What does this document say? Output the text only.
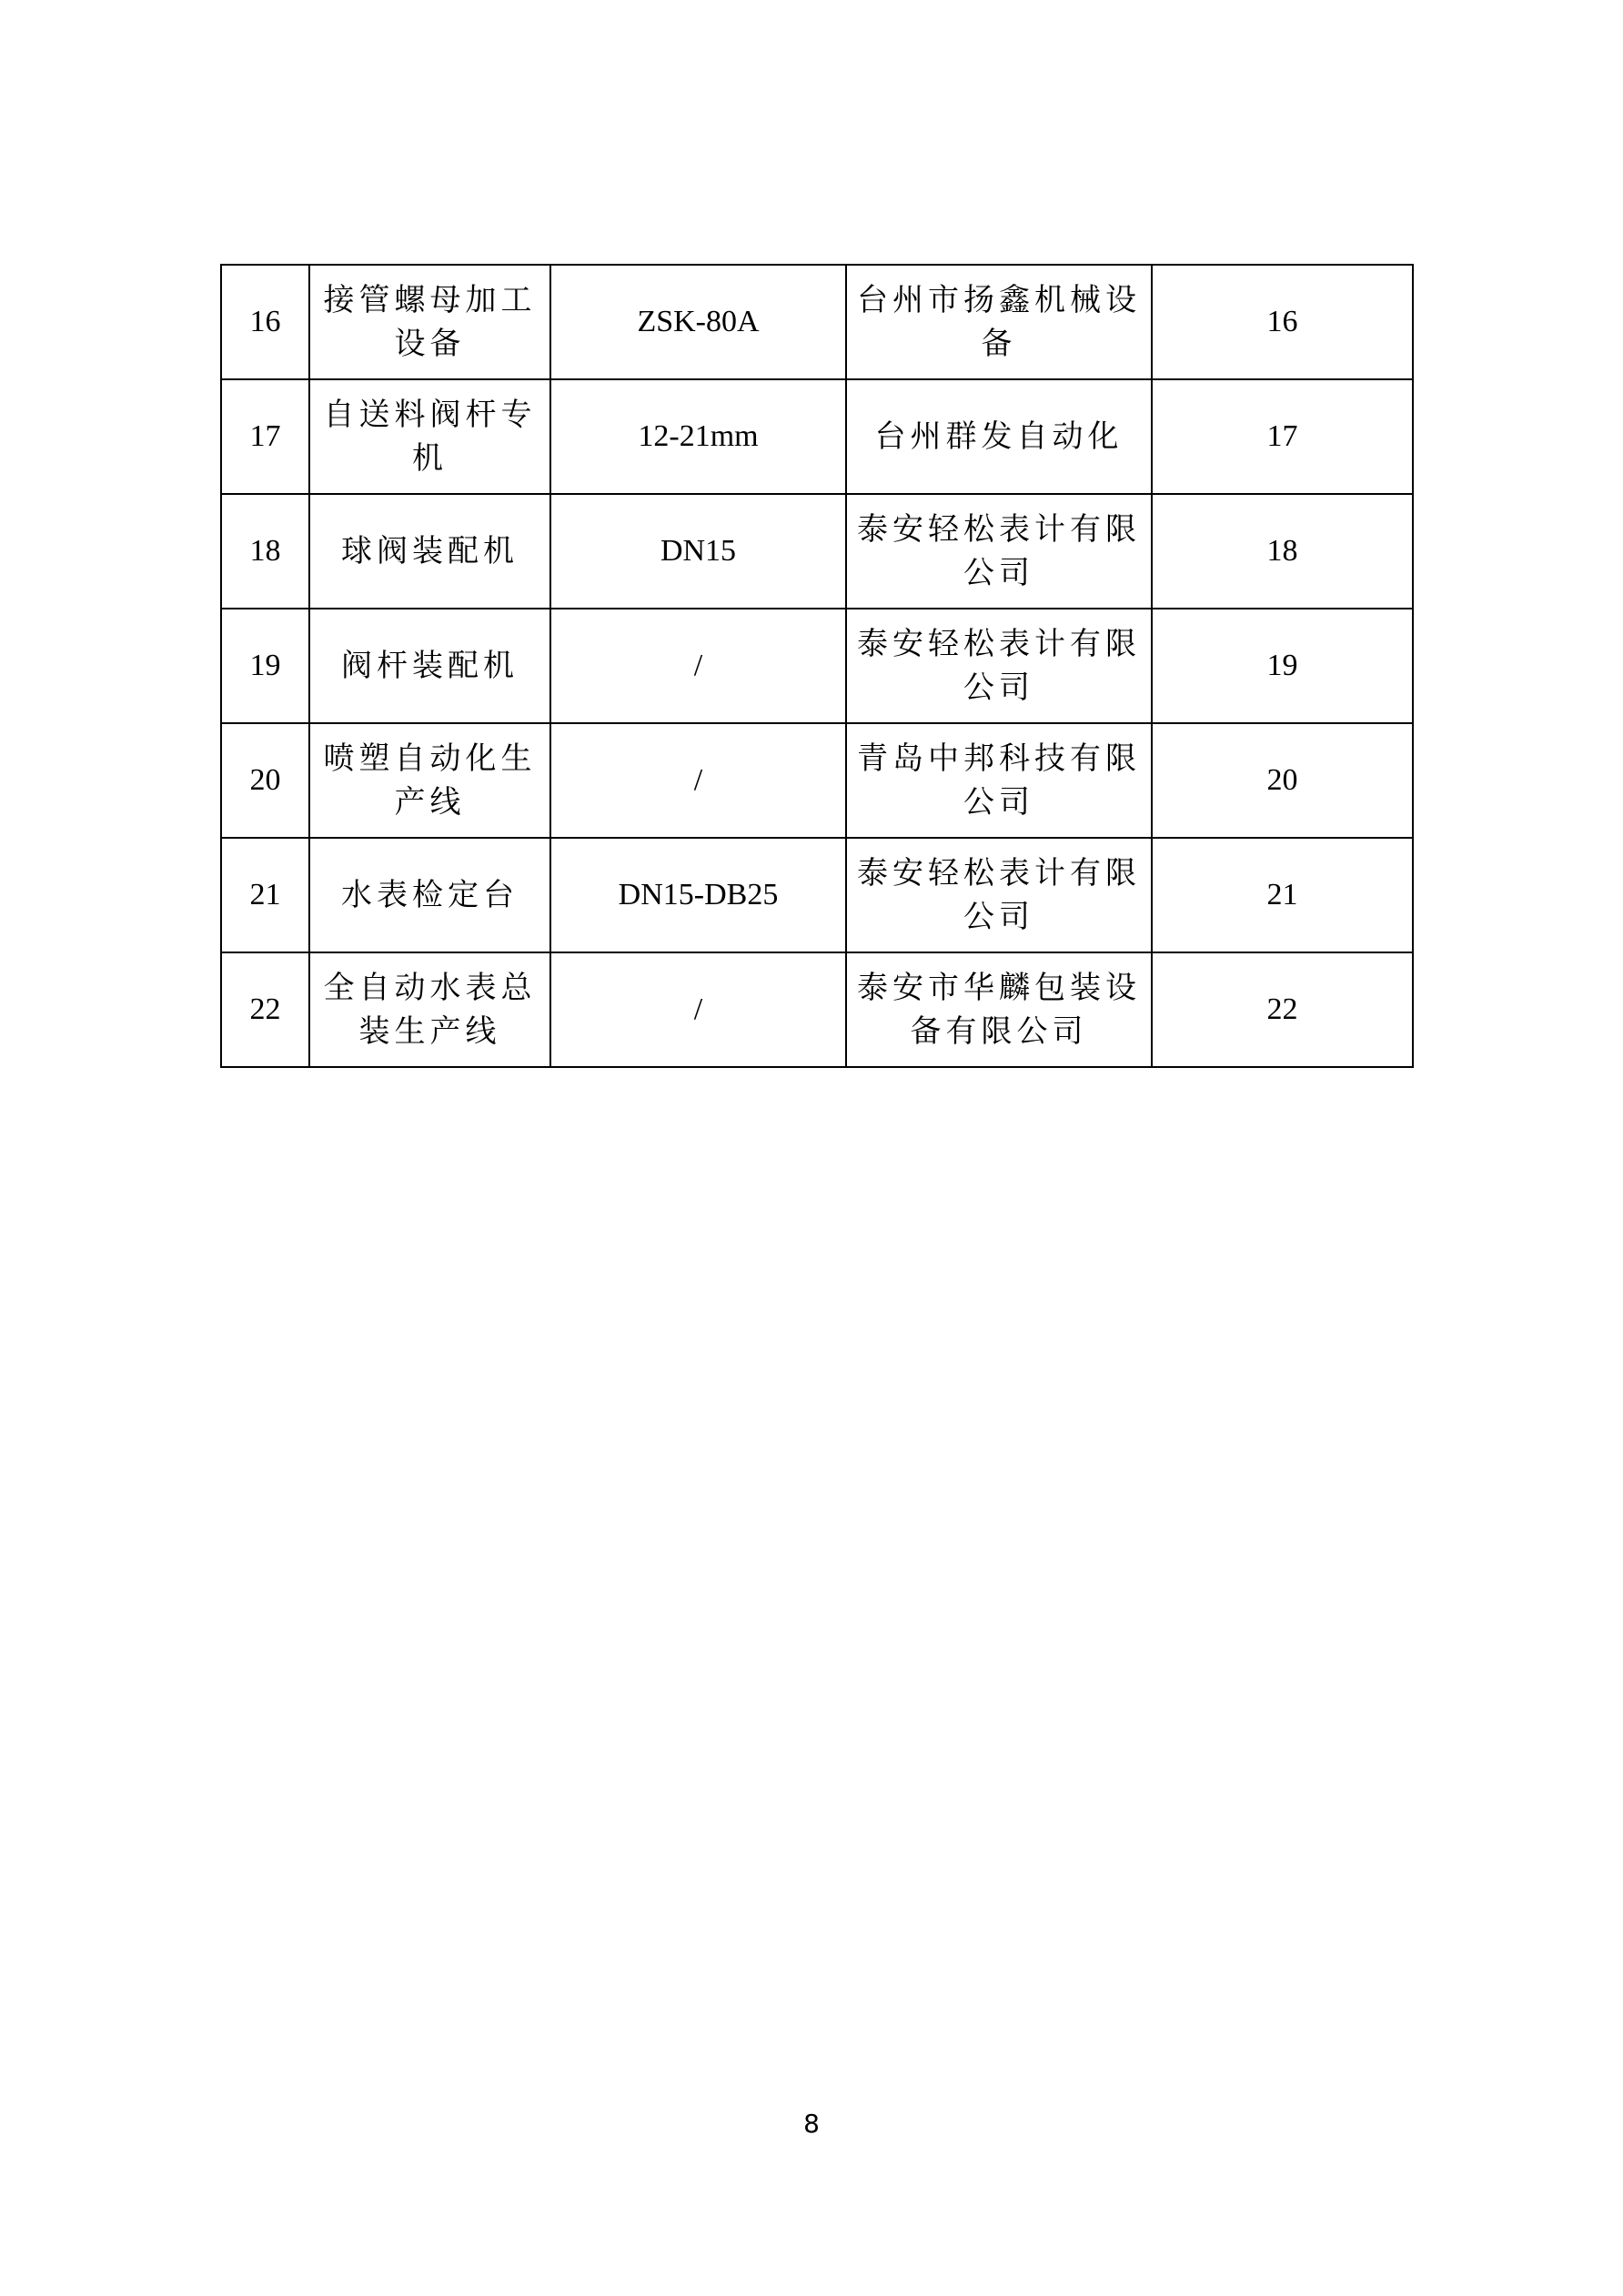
16	接管螺母加工设备	ZSK-80A	台州市扬鑫机械设备	16
17	自送料阀杆专机	12-21mm	台州群发自动化	17
18	球阀装配机	DN15	泰安轻松表计有限公司	18
19	阀杆装配机	/	泰安轻松表计有限公司	19
20	喷塑自动化生产线	/	青岛中邦科技有限公司	20
21	水表检定台	DN15-DB25	泰安轻松表计有限公司	21
22	全自动水表总装生产线	/	泰安市华麟包装设备有限公司	22
8
